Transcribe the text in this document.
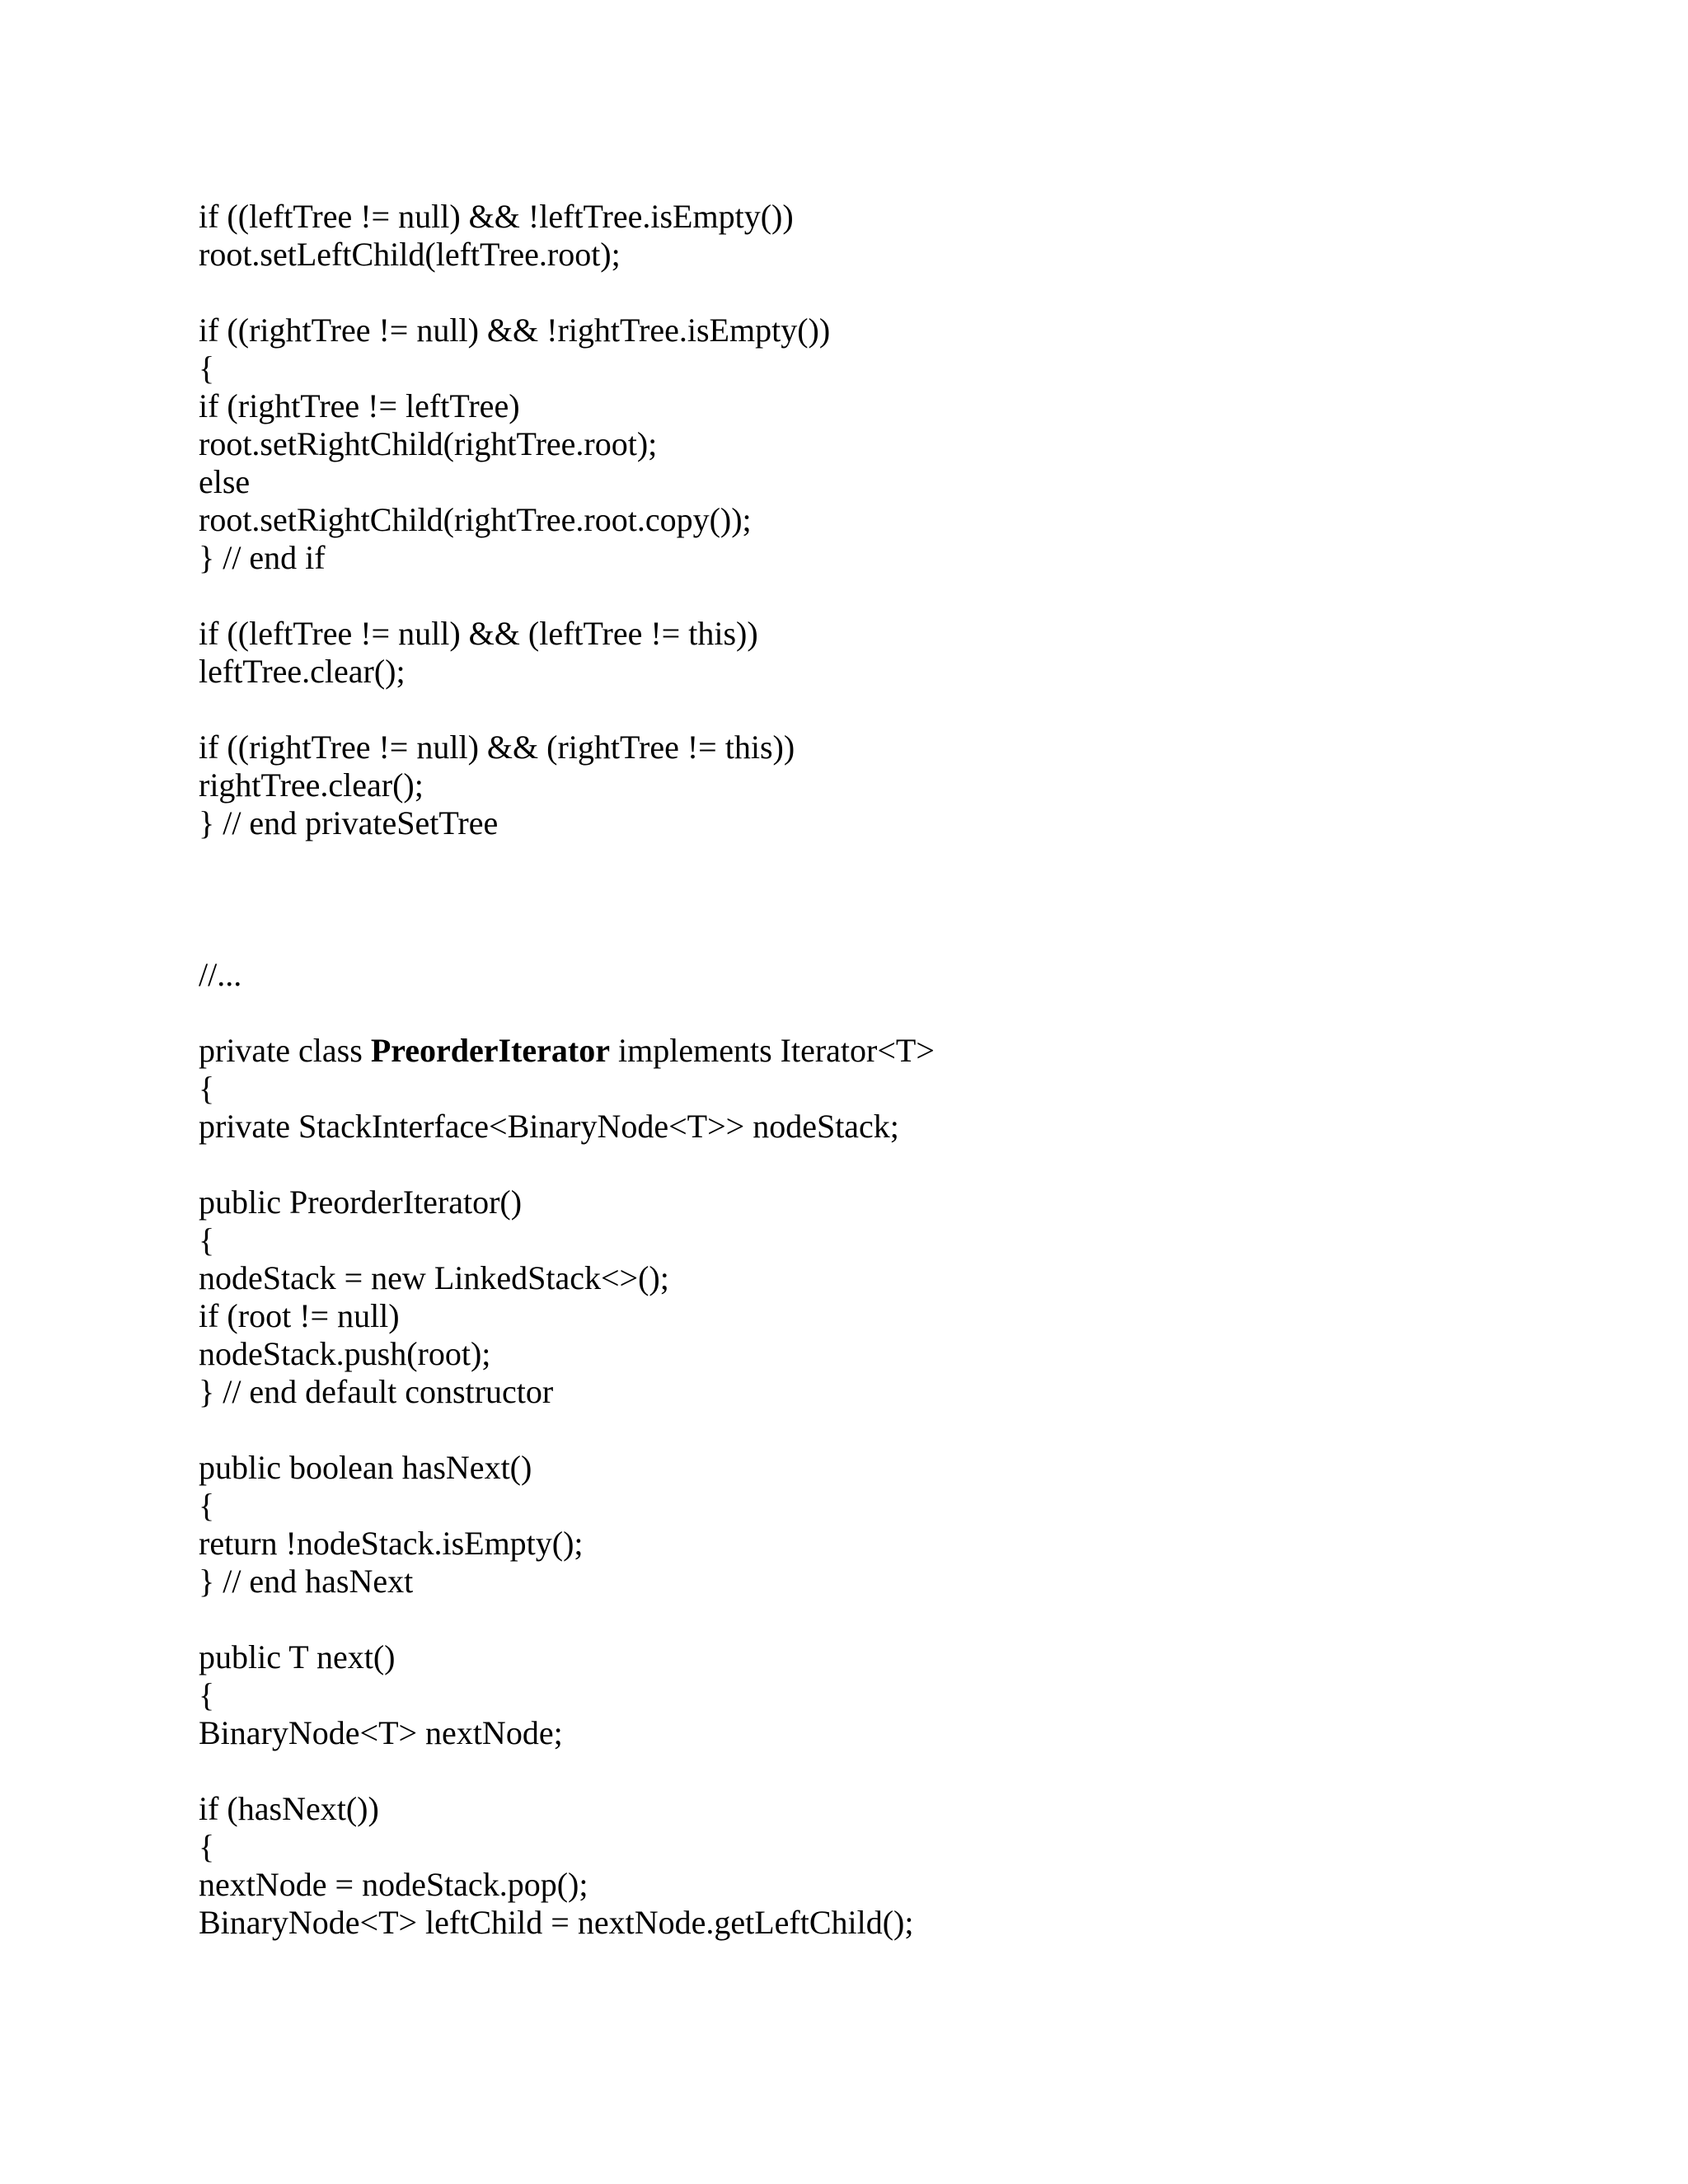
if ((leftTree != null) && !leftTree.isEmpty())
root.setLeftChild(leftTree.root);
if ((rightTree != null) && !rightTree.isEmpty())
{
if (rightTree != leftTree)
root.setRightChild(rightTree.root);
else
root.setRightChild(rightTree.root.copy());
} // end if
if ((leftTree != null) && (leftTree != this))
leftTree.clear();
if ((rightTree != null) && (rightTree != this))
rightTree.clear();
} // end privateSetTree
//...
private class PreorderIterator implements Iterator<T>
{
private StackInterface<BinaryNode<T>> nodeStack;
public PreorderIterator()
{
nodeStack = new LinkedStack<>();
if (root != null)
nodeStack.push(root);
} // end default constructor
public boolean hasNext()
{
return !nodeStack.isEmpty();
} // end hasNext
public T next()
{
BinaryNode<T> nextNode;
if (hasNext())
{
nextNode = nodeStack.pop();
BinaryNode<T> leftChild = nextNode.getLeftChild();
